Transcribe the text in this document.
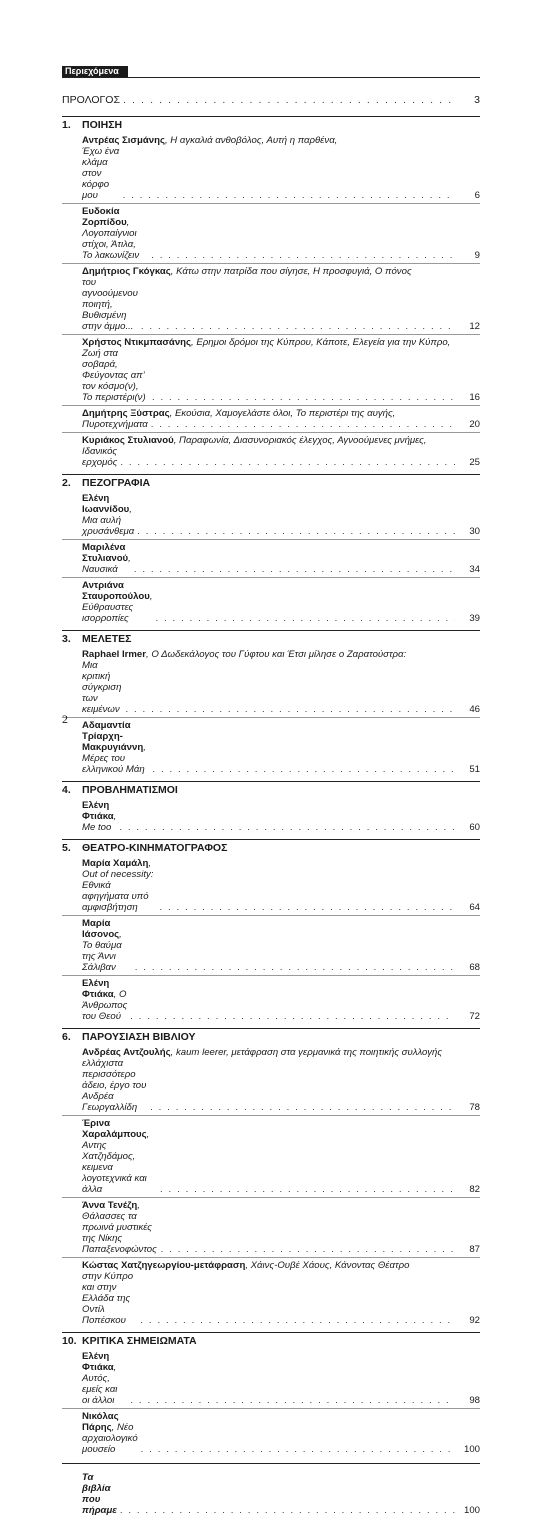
Περιεχόμενα
ΠΡΟΛΟΓΟΣ . . .	3
1. ΠΟΙΗΣΗ
Αντρέας Σισμάνης, Η αγκαλιά ανθοβόλος, Αυτή η παρθένα,
Έχω ένα κλάμα στον κόρφο μου . . .	6
Ευδοκία Ζορπίδου, Λογοπαίγνιοι στίχοι, Άτιλα, Το λακωνίζειν . . .	9
Δημήτριος Γκόγκας, Κάτω στην πατρίδα που σίγησε, Η προσφυγιά, Ο πόνος
του αγνοούμενου ποιητή, Βυθισμένη στην άμμο... . . .	12
Χρήστος Ντικμπασάνης, Ερημοι δρόμοι της Κύπρου, Κάποτε, Ελεγεία για την Κύπρο,
Ζωή στα σοβαρά, Φεύγοντας απ’ τον κόσμο(ν), Το περιστέρι(ν) . . .	16
Δημήτρης Ξύστρας, Εκούσια, Χαμογελάστε όλοι, Το περιστέρι της αυγής,
Πυροτεχνήματα . . .	20
Κυριάκος Στυλιανού, Παραφωνία, Διασυνοριακός έλεγχος, Αγνοούμενες μνήμες,
Ιδανικός ερχομός . . .	25
2. ΠΕΖΟΓΡΑΦΙΑ
Ελένη Ιωαννίδου, Μια αυλή χρυσάνθεμα . . .	30
Μαριλένα Στυλιανού, Ναυσικά . . .	34
Αντριάνα Σταυροπούλου, Εύθραυστες ισορροπίες . . .	39
3. ΜΕΛΕΤΕΣ
Raphael Irmer, Ο Δωδεκάλογος του Γύφτου και Έτσι μίλησε ο Ζαρατούστρα:
Μια κριτική σύγκριση των κειμένων . . .	46
Αδαμαντία Τρίαρχη-Μακρυγιάννη, Μέρες του ελληνικού Μάη . . .	51
4. ΠΡΟΒΛΗΜΑΤΙΣΜΟΙ
Ελένη Φτιάκα, Me too . . .	60
5. ΘΕΑΤΡΟ-ΚΙΝΗΜΑΤΟΓΡΑΦΟΣ
Μαρία Χαμάλη, Out of necessity: Εθνικά αφηγήματα υπό αμφισβήτηση . . .	64
Μαρία Ιάσονος, Το θαύμα της Άννι Σάλιβαν . . .	68
Ελένη Φτιάκα, Ο Άνθρωπος του Θεού . . .	72
6. ΠΑΡΟΥΣΙΑΣΗ ΒΙΒΛΙΟΥ
Ανδρέας Αντζουλής, kaum leerer, μετάφραση στα γερμανικά της ποιητικής συλλογής
ελλάχιστα περισσότερο άδειο, έργο του Ανδρέα Γεωργαλλίδη . . .	78
Έρινα Χαραλάμπους, Αντης Χατζηδάμος, κειμενα λογοτεχνικά και άλλα . . .	82
Άννα Τενέζη, Θάλασσες τα πρωινά μυστικές της Νίκης Παπαξενοφώντος . . .	87
Κώστας Χατζηγεωργίου-μετάφραση, Χάινς-Ουβέ Χάους, Κάνοντας Θέατρο
στην Κύπρο και στην Ελλάδα της Οντίλ Ποπέσκου . . .	92
10. ΚΡΙΤΙΚΑ ΣΗΜΕΙΩΜΑΤΑ
Ελένη Φτιάκα, Αυτός, εμείς και οι άλλοι . . .	98
Νικόλας Πάρης, Νέο αρχαιολογικό μουσείο . . .	100
Τα βιβλία που πήραμε . . .	100
2
